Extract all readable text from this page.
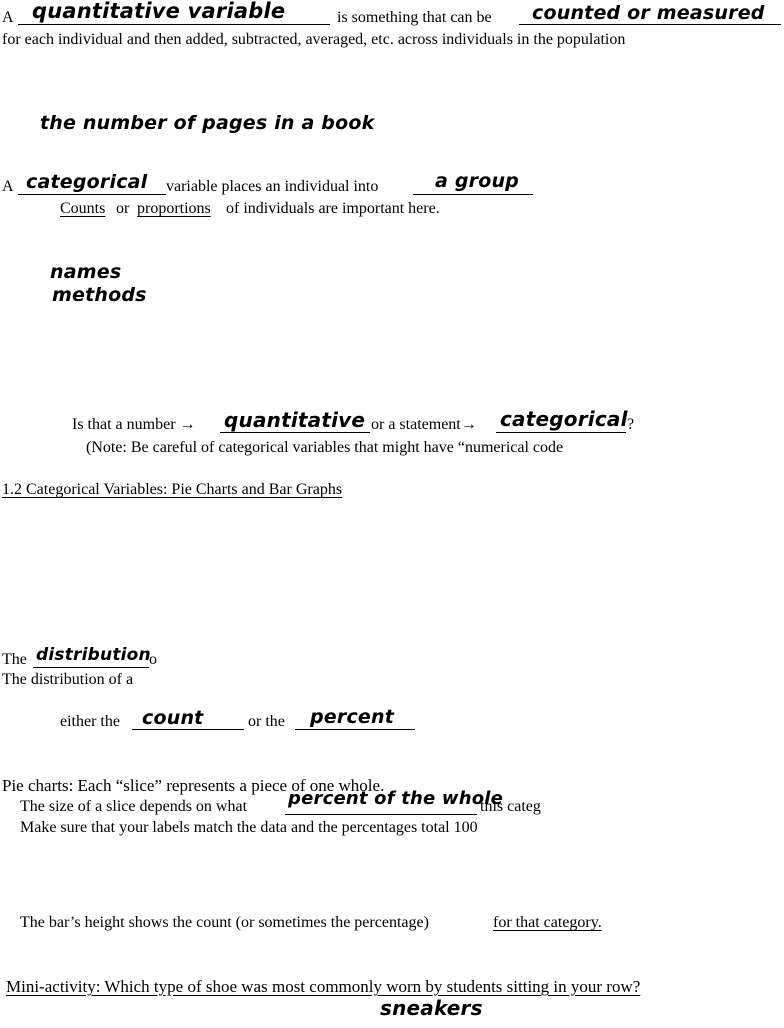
A quantitative variable	is something that can be counted or measured
for each individual and then added, subtracted, averaged, etc. across individuals in the population
the number of pages in a book
A categorical variable places an individual into	a group
Counts or proportions of individuals are important here.
names
methods
Is that a number → quantitative or a statement→ categorical ?
(Note: Be careful of categorical variables that might have “numerical code
1.2 Categorical Variables: Pie Charts and Bar Graphs
The distribution
o
The distribution of a
either the count	or the percent
Pie charts: Each “slice” represents a piece of one whole.
The size of a slice depends on what percent of the whole
this categ
Make sure that your labels match the data and the percentages total 100
The bar’s height shows the count (or sometimes the percentage)	for that category.
Mini-activity: Which type of shoe was most commonly worn by students sitting in your row?
sneakers
